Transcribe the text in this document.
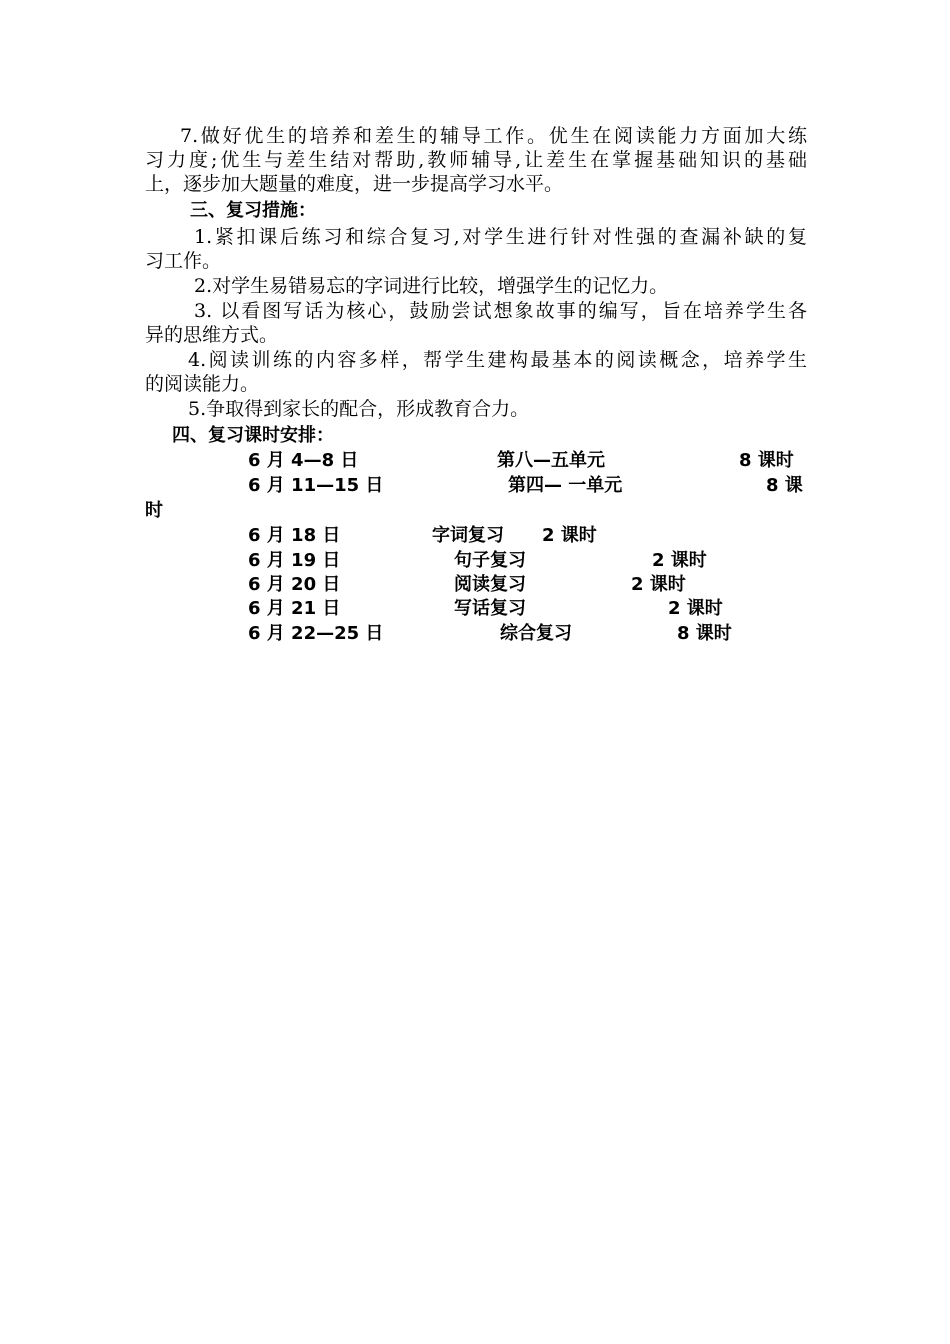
7.做好优生的培养和差生的辅导工作。优生在阅读能力方面加大练
习力度;优生与差生结对帮助,教师辅导,让差生在掌握基础知识的基础
上，逐步加大题量的难度，进一步提高学习水平。
三、复习措施：
1.紧扣课后练习和综合复习,对学生进行针对性强的查漏补缺的复
习工作。
2.对学生易错易忘的字词进行比较，增强学生的记忆力。
3. 以看图写话为核心，鼓励尝试想象故事的编写，旨在培养学生各
异的思维方式。
4.阅读训练的内容多样，帮学生建构最基本的阅读概念，培养学生
的阅读能力。
5.争取得到家长的配合，形成教育合力。
四、复习课时安排：
6 月 4—8 日	第八—五单元	8 课时
6 月 11—15 日	第四— 一单元	8 课
时
6 月 18 日	字词复习 2 课时
6 月 19 日	句子复习	2 课时
6 月 20 日	阅读复习	2 课时
6 月 21 日	写话复习	2 课时
6 月 22—25 日	综合复习	8 课时
